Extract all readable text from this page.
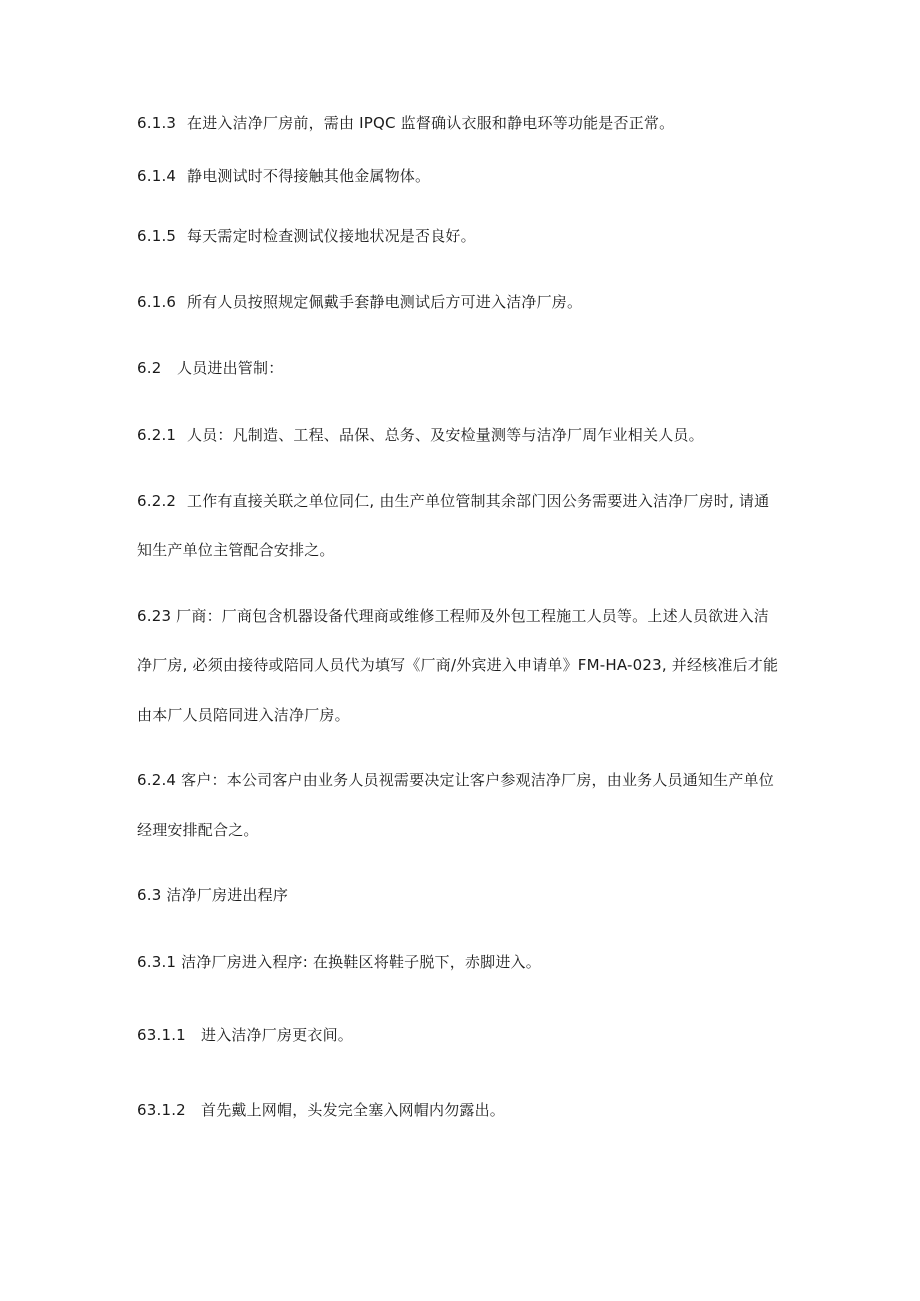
6.1.3 在进入洁净厂房前，需由 IPQC 监督确认衣服和静电环等功能是否正常。
6.1.4 静电测试时不得接触其他金属物体。
6.1.5 每天需定时检查测试仪接地状况是否良好。
6.1.6 所有人员按照规定佩戴手套静电测试后方可进入洁净厂房。
6.2 人员进出管制：
6.2.1 人员：凡制造、工程、品保、总务、及安检量测等与洁净厂周乍业相关人员。
6.2.2 工作有直接关联之单位同仁, 由生产单位管制其余部门因公务需要进入洁净厂房时, 请通
知生产单位主管配合安排之。
6.23 厂商：厂商包含机器设备代理商或维修工程师及外包工程施工人员等。上述人员欲进入洁
净厂房, 必须由接待或陪同人员代为填写《厂商/外宾进入申请单》FM-HA-023, 并经核准后才能
由本厂人员陪同进入洁净厂房。
6.2.4 客户：本公司客户由业务人员视需要决定让客户参观洁净厂房，由业务人员通知生产单位
经理安排配合之。
6.3 洁净厂房进出程序
6.3.1 洁净厂房进入程序: 在换鞋区将鞋子脱下，赤脚进入。
63.1.1 进入洁净厂房更衣间。
63.1.2 首先戴上网帽，头发完全塞入网帽内勿露出。
